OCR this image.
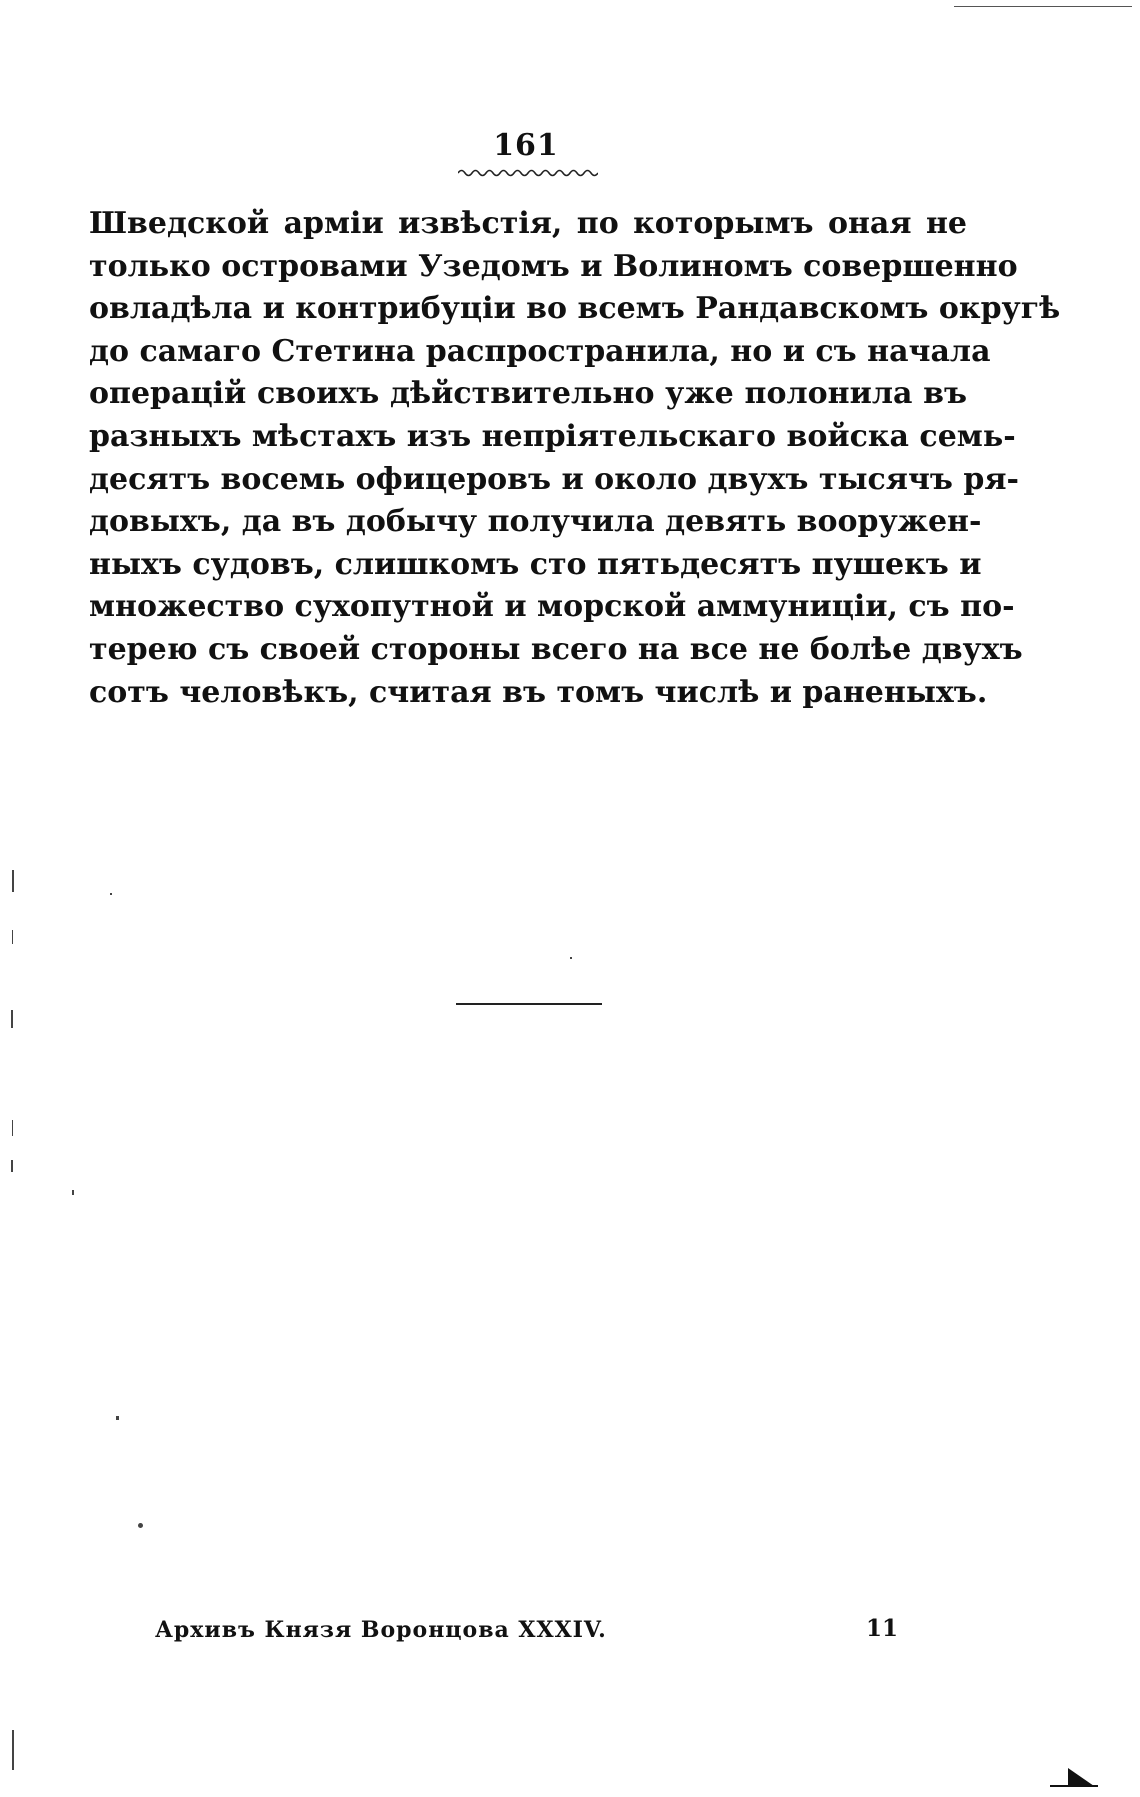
161
Шведской арміи извѣстія, по которымъ оная не
только островами Узедомъ и Волиномъ совершенно
овладѣла и контрибуціи во всемъ Рандавскомъ округѣ
до самаго Стетина распространила, но и съ начала
операцій своихъ дѣйствительно уже полонила въ
разныхъ мѣстахъ изъ непріятельскаго войска семь-
десятъ восемь офицеровъ и около двухъ тысячъ ря-
довыхъ, да въ добычу получила девять вооружен-
ныхъ судовъ, слишкомъ сто пятьдесятъ пушекъ и
множество сухопутной и морской аммуниціи, съ по-
терею съ своей стороны всего на все не болѣе двухъ
сотъ человѣкъ, считая въ томъ числѣ и раненыхъ.
Архивъ Князя Воронцова XXXIV.	11
